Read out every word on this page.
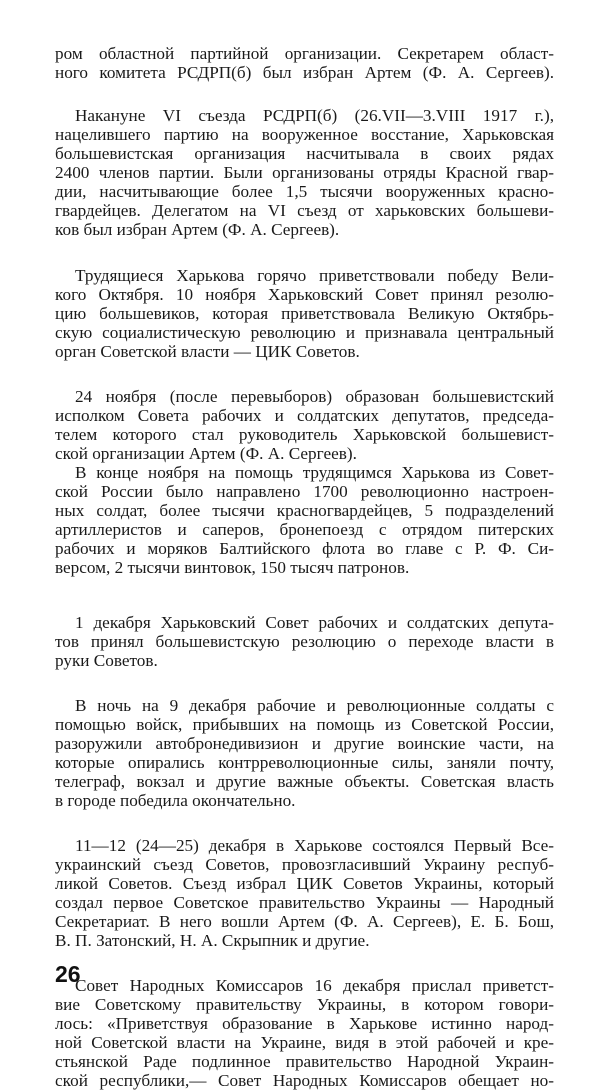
ром областной партийной организации. Секретарем област-
ного комитета РСДРП(б) был избран Артем (Ф. А. Сергеев).
Накануне VI съезда РСДРП(б) (26.VII—3.VIII 1917 г.),
нацелившего партию на вооруженное восстание, Харьковская
большевистская организация насчитывала в своих рядах
2400 членов партии. Были организованы отряды Красной гвар-
дии, насчитывающие более 1,5 тысячи вооруженных красно-
гвардейцев. Делегатом на VI съезд от харьковских большеви-
ков был избран Артем (Ф. А. Сергеев).
Трудящиеся Харькова горячо приветствовали победу Вели-
кого Октября. 10 ноября Харьковский Совет принял резолю-
цию большевиков, которая приветствовала Великую Октябрь-
скую социалистическую революцию и признавала центральный
орган Советской власти — ЦИК Советов.
24 ноября (после перевыборов) образован большевистский
исполком Совета рабочих и солдатских депутатов, председа-
телем которого стал руководитель Харьковской большевист-
ской организации Артем (Ф. А. Сергеев).
В конце ноября на помощь трудящимся Харькова из Совет-
ской России было направлено 1700 революционно настроен-
ных солдат, более тысячи красногвардейцев, 5 подразделений
артиллеристов и саперов, бронепоезд с отрядом питерских
рабочих и моряков Балтийского флота во главе с Р. Ф. Си-
версом, 2 тысячи винтовок, 150 тысяч патронов.
1 декабря Харьковский Совет рабочих и солдатских депута-
тов принял большевистскую резолюцию о переходе власти в
руки Советов.
В ночь на 9 декабря рабочие и революционные солдаты с
помощью войск, прибывших на помощь из Советской России,
разоружили автобронедивизион и другие воинские части, на
которые опирались контрреволюционные силы, заняли почту,
телеграф, вокзал и другие важные объекты. Советская власть
в городе победила окончательно.
11—12 (24—25) декабря в Харькове состоялся Первый Все-
украинский съезд Советов, провозгласивший Украину респуб-
ликой Советов. Съезд избрал ЦИК Советов Украины, который
создал первое Советское правительство Украины — Народный
Секретариат. В него вошли Артем (Ф. А. Сергеев), Е. Б. Бош,
В. П. Затонский, Н. А. Скрыпник и другие.
Совет Народных Комиссаров 16 декабря прислал приветст-
вие Советскому правительству Украины, в котором говори-
лось: «Приветствуя образование в Харькове истинно народ-
ной Советской власти на Украине, видя в этой рабочей и кре-
стьянской Раде подлинное правительство Народной Украин-
ской республики,— Совет Народных Комиссаров обещает но-
26
